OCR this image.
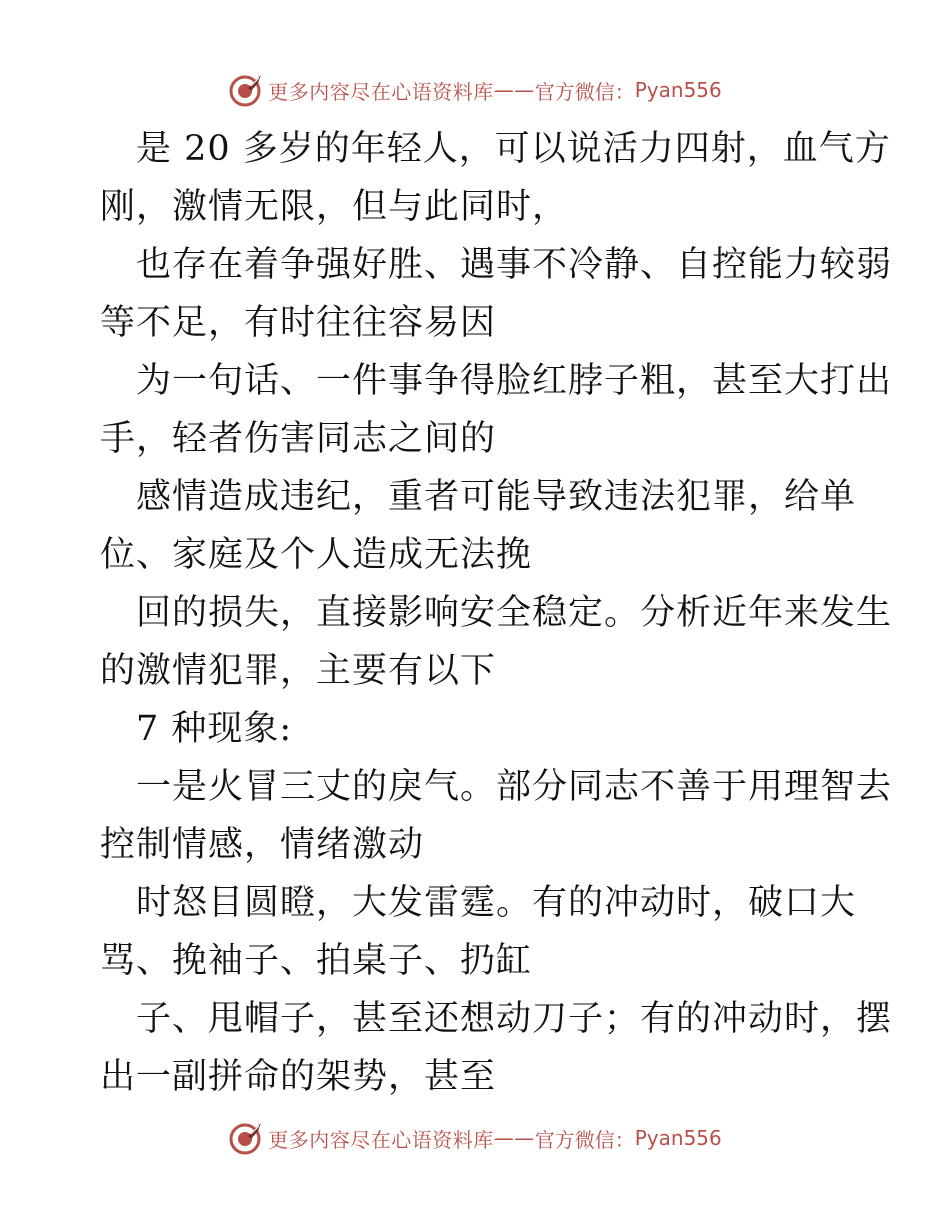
更多内容尽在心语资料库 —— 官方微信： Pyan556
是 20 多岁的年轻人，可以说活力四射，血气方
刚，激情无限，但与此同时，
也存在着争强好胜、遇事不冷静、自控能力较弱
等不足，有时往往容易因
为一句话、一件事争得脸红脖子粗，甚至大打出
手，轻者伤害同志之间的
感情造成违纪，重者可能导致违法犯罪，给单
位、家庭及个人造成无法挽
回的损失，直接影响安全稳定。分析近年来发生
的激情犯罪，主要有以下
7 种现象:
一是火冒三丈的戾气。部分同志不善于用理智去
控制情感，情绪激动
时怒目圆瞪，大发雷霆。有的冲动时，破口大
骂、挽袖子、拍桌子、扔缸
子、甩帽子，甚至还想动刀子；有的冲动时，摆
出一副拼命的架势，甚至
更多内容尽在心语资料库 —— 官方微信： Pyan556
